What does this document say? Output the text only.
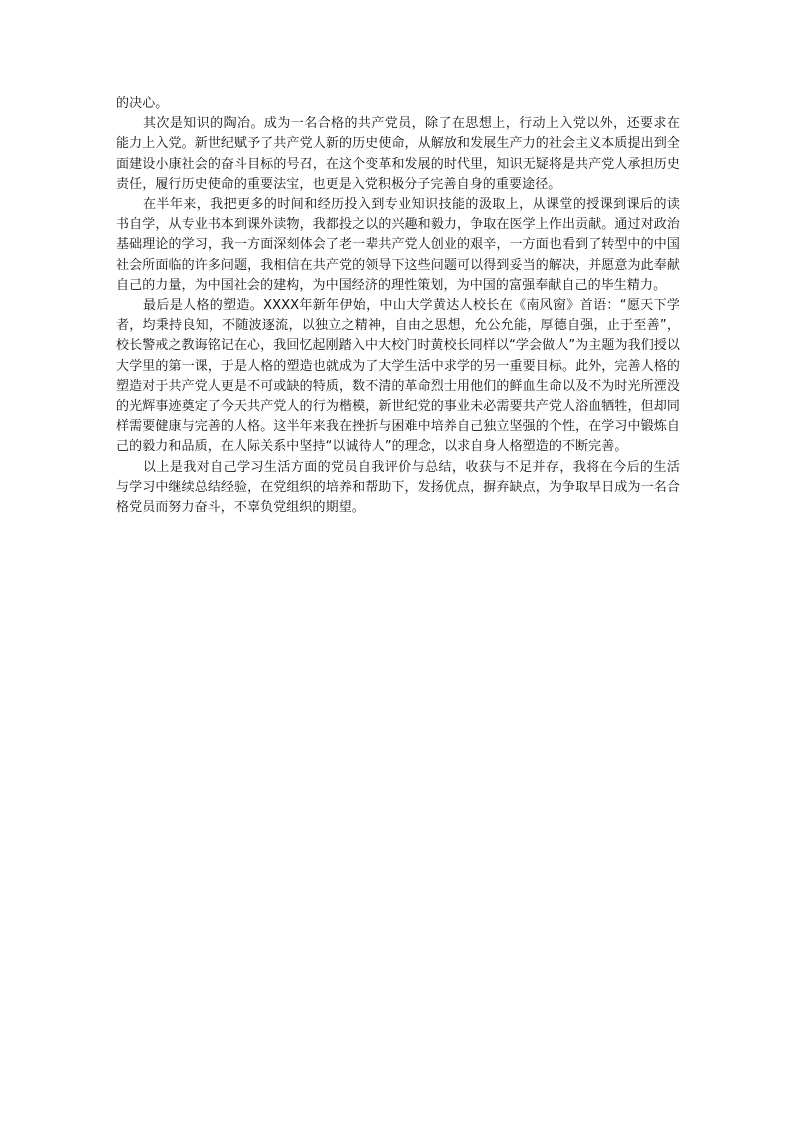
的决心。

其次是知识的陶冶。成为一名合格的共产党员，除了在思想上，行动上入党以外，还要求在能力上入党。新世纪赋予了共产党人新的历史使命，从解放和发展生产力的社会主义本质提出到全面建设小康社会的奋斗目标的号召，在这个变革和发展的时代里，知识无疑将是共产党人承担历史责任，履行历史使命的重要法宝，也更是入党积极分子完善自身的重要途径。

在半年来，我把更多的时间和经历投入到专业知识技能的汲取上，从课堂的授课到课后的读书自学，从专业书本到课外读物，我都投之以的兴趣和毅力，争取在医学上作出贡献。通过对政治基础理论的学习，我一方面深刻体会了老一辈共产党人创业的艰辛，一方面也看到了转型中的中国社会所面临的许多问题，我相信在共产党的领导下这些问题可以得到妥当的解决，并愿意为此奉献自己的力量，为中国社会的建构，为中国经济的理性策划，为中国的富强奉献自己的毕生精力。

最后是人格的塑造。XXXX年新年伊始，中山大学黄达人校长在《南风窗》首语：“愿天下学者，均秉持良知，不随波逐流，以独立之精神，自由之思想，允公允能，厚德自强，止于至善”，校长警戒之教诲铭记在心，我回忆起刚踏入中大校门时黄校长同样以“学会做人”为主题为我们授以大学里的第一课，于是人格的塑造也就成为了大学生活中求学的另一重要目标。此外，完善人格的塑造对于共产党人更是不可或缺的特质，数不清的革命烈士用他们的鲜血生命以及不为时光所湮没的光辉事迹奠定了今天共产党人的行为楷模，新世纪党的事业未必需要共产党人浴血牺牲，但却同样需要健康与完善的人格。这半年来我在挫折与困难中培养自己独立坚强的个性，在学习中锻炼自己的毅力和品质，在人际关系中坚持“以诚待人”的理念，以求自身人格塑造的不断完善。

以上是我对自己学习生活方面的党员自我评价与总结，收获与不足并存，我将在今后的生活与学习中继续总结经验，在党组织的培养和帮助下，发扬优点，摒弃缺点，为争取早日成为一名合格党员而努力奋斗，不辜负党组织的期望。
